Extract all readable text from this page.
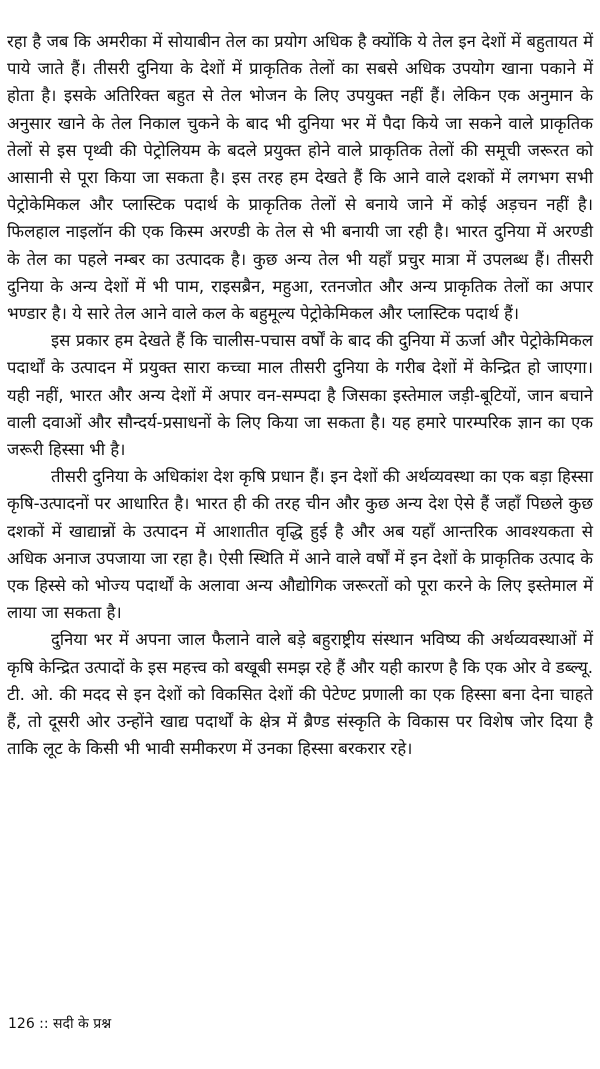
रहा है जब कि अमरीका में सोयाबीन तेल का प्रयोग अधिक है क्योंकि ये तेल इन देशों में बहुतायत में पाये जाते हैं। तीसरी दुनिया के देशों में प्राकृतिक तेलों का सबसे अधिक उपयोग खाना पकाने में होता है। इसके अतिरिक्त बहुत से तेल भोजन के लिए उपयुक्त नहीं हैं। लेकिन एक अनुमान के अनुसार खाने के तेल निकाल चुकने के बाद भी दुनिया भर में पैदा किये जा सकने वाले प्राकृतिक तेलों से इस पृथ्वी की पेट्रोलियम के बदले प्रयुक्त होने वाले प्राकृतिक तेलों की समूची जरूरत को आसानी से पूरा किया जा सकता है। इस तरह हम देखते हैं कि आने वाले दशकों में लगभग सभी पेट्रोकेमिकल और प्लास्टिक पदार्थ के प्राकृतिक तेलों से बनाये जाने में कोई अड़चन नहीं है। फिलहाल नाइलॉन की एक किस्म अरण्डी के तेल से भी बनायी जा रही है। भारत दुनिया में अरण्डी के तेल का पहले नम्बर का उत्पादक है। कुछ अन्य तेल भी यहाँ प्रचुर मात्रा में उपलब्ध हैं। तीसरी दुनिया के अन्य देशों में भी पाम, राइसब्रैन, महुआ, रतनजोत और अन्य प्राकृतिक तेलों का अपार भण्डार है। ये सारे तेल आने वाले कल के बहुमूल्य पेट्रोकेमिकल और प्लास्टिक पदार्थ हैं।

इस प्रकार हम देखते हैं कि चालीस-पचास वर्षों के बाद की दुनिया में ऊर्जा और पेट्रोकेमिकल पदार्थों के उत्पादन में प्रयुक्त सारा कच्चा माल तीसरी दुनिया के गरीब देशों में केन्द्रित हो जाएगा। यही नहीं, भारत और अन्य देशों में अपार वन-सम्पदा है जिसका इस्तेमाल जड़ी-बूटियों, जान बचाने वाली दवाओं और सौन्दर्य-प्रसाधनों के लिए किया जा सकता है। यह हमारे पारम्परिक ज्ञान का एक जरूरी हिस्सा भी है।

तीसरी दुनिया के अधिकांश देश कृषि प्रधान हैं। इन देशों की अर्थव्यवस्था का एक बड़ा हिस्सा कृषि-उत्पादनों पर आधारित है। भारत ही की तरह चीन और कुछ अन्य देश ऐसे हैं जहाँ पिछले कुछ दशकों में खाद्यान्नों के उत्पादन में आशातीत वृद्धि हुई है और अब यहाँ आन्तरिक आवश्यकता से अधिक अनाज उपजाया जा रहा है। ऐसी स्थिति में आने वाले वर्षों में इन देशों के प्राकृतिक उत्पाद के एक हिस्से को भोज्य पदार्थों के अलावा अन्य औद्योगिक जरूरतों को पूरा करने के लिए इस्तेमाल में लाया जा सकता है।

दुनिया भर में अपना जाल फैलाने वाले बड़े बहुराष्ट्रीय संस्थान भविष्य की अर्थव्यवस्थाओं में कृषि केन्द्रित उत्पादों के इस महत्त्व को बखूबी समझ रहे हैं और यही कारण है कि एक ओर वे डब्ल्यू. टी. ओ. की मदद से इन देशों को विकसित देशों की पेटेण्ट प्रणाली का एक हिस्सा बना देना चाहते हैं, तो दूसरी ओर उन्होंने खाद्य पदार्थों के क्षेत्र में ब्रैण्ड संस्कृति के विकास पर विशेष जोर दिया है ताकि लूट के किसी भी भावी समीकरण में उनका हिस्सा बरकरार रहे।

126 :: सदी के प्रश्न
